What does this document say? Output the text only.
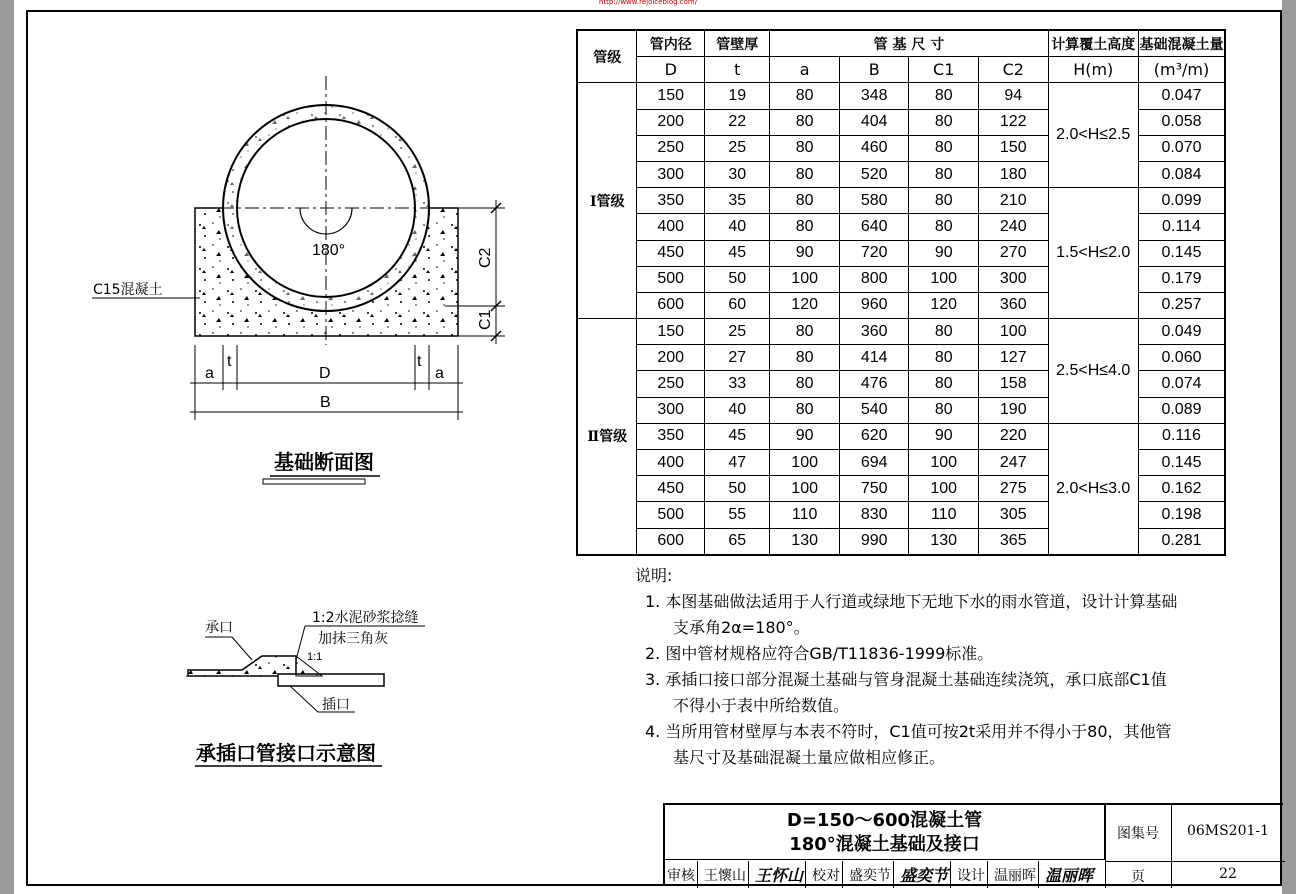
http://www.rejoiceblog.com/
180°
C15混凝土
C2
C1
a
t
D
t
a
B
基础断面图
1:1
承口
1:2水泥砂浆捻缝
加抹三角灰
插口
承插口管接口示意图
管级	管内径	管壁厚	管 基 尺 寸				计算覆土高度	基础混凝土量
	D	t	a	B	C1	C2	H(m)	(m³/m)
Ⅰ管级	150	19	80	348	80	94	2.0<H≤2.5	0.047
	200	22	80	404	80	122		0.058
	250	25	80	460	80	150		0.070
	300	30	80	520	80	180		0.084
	350	35	80	580	80	210	1.5<H≤2.0	0.099
	400	40	80	640	80	240		0.114
	450	45	90	720	90	270		0.145
	500	50	100	800	100	300		0.179
	600	60	120	960	120	360		0.257
Ⅱ管级	150	25	80	360	80	100	2.5<H≤4.0	0.049
	200	27	80	414	80	127		0.060
	250	33	80	476	80	158		0.074
	300	40	80	540	80	190		0.089
	350	45	90	620	90	220	2.0<H≤3.0	0.116
	400	47	100	694	100	247		0.145
	450	50	100	750	100	275		0.162
	500	55	110	830	110	305		0.198
	600	65	130	990	130	365		0.281
说明:
1. 本图基础做法适用于人行道或绿地下无地下水的雨水管道，设计计算基础
支承角2α=180°。
2. 图中管材规格应符合GB/T11836-1999标准。
3. 承插口接口部分混凝土基础与管身混凝土基础连续浇筑，承口底部C1值
不得小于表中所给数值。
4. 当所用管材壁厚与本表不符时，C1值可按2t采用并不得小于80，其他管
基尺寸及基础混凝土量应做相应修正。
D=150～600混凝土管
180°混凝土基础及接口
审核 王懷山 王怀山 校对 盛奕节 盛奕节 设计 温丽晖 温丽晖
图集号	06MS201-1
页	22
